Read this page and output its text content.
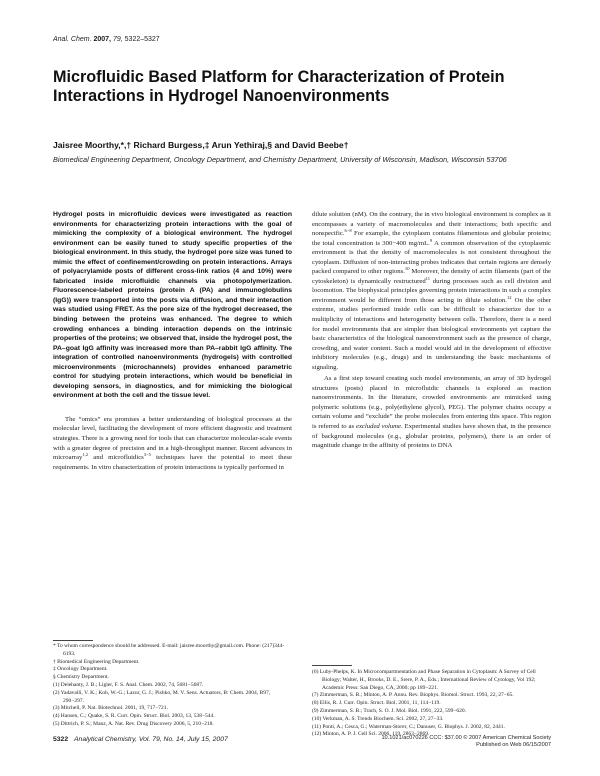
Anal. Chem. 2007, 79, 5322–5327
Microfluidic Based Platform for Characterization of Protein Interactions in Hydrogel Nanoenvironments
Jaisree Moorthy,*,† Richard Burgess,‡ Arun Yethiraj,§ and David Beebe†
Biomedical Engineering Department, Oncology Department, and Chemistry Department, University of Wisconsin, Madison, Wisconsin 53706
Hydrogel posts in microfluidic devices were investigated as reaction environments for characterizing protein interactions with the goal of mimicking the complexity of a biological environment. The hydrogel environment can be easily tuned to study specific properties of the biological environment. In this study, the hydrogel pore size was tuned to mimic the effect of confinement/crowding on protein interactions. Arrays of polyacrylamide posts of different cross-link ratios (4 and 10%) were fabricated inside microfluidic channels via photopolymerization. Fluorescence-labeled proteins (protein A (PA) and immunoglobulins (IgG)) were transported into the posts via diffusion, and their interaction was studied using FRET. As the pore size of the hydrogel decreased, the binding between the proteins was enhanced. The degree to which crowding enhances a binding interaction depends on the intrinsic properties of the proteins; we observed that, inside the hydrogel post, the PA–goat IgG affinity was increased more than PA–rabbit IgG affinity. The integration of controlled nanoenvironments (hydrogels) with controlled microenvironments (microchannels) provides enhanced parametric control for studying protein interactions, which would be beneficial in developing sensors, in diagnostics, and for mimicking the biological environment at both the cell and the tissue level.
The “omics” era promises a better understanding of biological processes at the molecular level, facilitating the development of more efficient diagnostic and treatment strategies. There is a growing need for tools that can characterize molecular-scale events with a greater degree of precision and in a high-throughput manner. Recent advances in microarray$^{1,2}$ and microfluidics$^{3-5}$ techniques have the potential to meet these requirements. In vitro characterization of protein interactions is typically performed in
dilute solution (nM). On the contrary, the in vivo biological environment is complex as it encompasses a variety of macromolecules and their interactions; both specific and nonspecific.$^{6-8}$ For example, the cytoplasm contains filamentous and globular proteins; the total concentration is 300−400 mg/mL.$^9$ A common observation of the cytoplasmic environment is that the density of macromolecules is not consistent throughout the cytoplasm. Diffusion of non-interacting probes indicates that certain regions are densely packed compared to other regions.$^{10}$ Moreover, the density of actin filaments (part of the cytoskeleton) is dynamically restructured$^{11}$ during processes such as cell division and locomotion. The biophysical principles governing protein interactions in such a complex environment would be different from those acting in dilute solution.$^{12}$ On the other extreme, studies performed inside cells can be difficult to characterize due to a multiplicity of interactions and heterogeneity between cells. Therefore, there is a need for model environments that are simpler than biological environments yet capture the basic characteristics of the biological nanoenvironment such as the presence of charge, crowding, and water content. Such a model would aid in the development of effective inhibitory molecules (e.g., drugs) and in understanding the basic mechanisms of signaling.
As a first step toward creating such model environments, an array of 3D hydrogel structures (posts) placed in microfluidic channels is explored as reaction nanoenvironments. In the literature, crowded environments are mimicked using polymeric solutions (e.g., poly(ethylene glycol), PEG). The polymer chains occupy a certain volume and “exclude” the probe molecules from entering this space. This region is referred to as excluded volume. Experimental studies have shown that, in the presence of background molecules (e.g., globular proteins, polymers), there is an order of magnitude change in the affinity of proteins to DNA
* To whom correspondence should be addressed. E-mail: jaisree.moorthy@gmail.com. Phone: (217)344-6193.
† Biomedical Engineering Department.
‡ Oncology Department.
§ Chemistry Department.
(1) Delehanty, J. B.; Ligler, F. S. Anal. Chem. 2002, 74, 5681−5687.
(2) Yadavalli, V. K.; Koh, W.-G.; Lazur, G. J.; Pishko, M. V. Sens. Actuators, B: Chem. 2004, B97, 290−297.
(3) Mitchell, P. Nat. Biotechnol. 2001, 19, 717−721.
(4) Hansen, C.; Quake, S. R. Curr. Opin. Struct. Biol. 2003, 13, 538−544.
(5) Dittrich, P. S.; Manz, A. Nat. Rev. Drug Discovery 2006, 5, 210−218.
(6) Luby-Phelps, K. In Microcompartmentation and Phase Separation in Cytoplasm: A Survey of Cell Biology; Walter, H., Brooks, D. E., Srere, P. A., Eds.; International Review of Cytology, Vol 192; Academic Press: San Diego, CA, 2000; pp 189−221.
(7) Zimmerman, S. B.; Minton, A. P. Annu. Rev. Biophys. Biomol. Struct. 1993, 22, 27−65.
(8) Ellis, R. J. Curr. Opin. Struct. Biol. 2001, 11, 114−119.
(9) Zimmerman, S. B.; Trach, S. O. J. Mol. Biol. 1991, 222, 599−620.
(10) Verkman, A. S. Trends Biochem. Sci. 2002, 27, 27−33.
(11) Ponti, A.; Cesca, G.; Waterman-Storer, C.; Danuser, G. Biophys. J. 2002, 82, 2441.
(12) Minton, A. P. J. Cell Sci. 2006, 119, 2863−2869.
5322 Analytical Chemistry, Vol. 79, No. 14, July 15, 2007	10.1021/ac070226 CCC: $37.00 © 2007 American Chemical Society
Published on Web 06/15/2007
